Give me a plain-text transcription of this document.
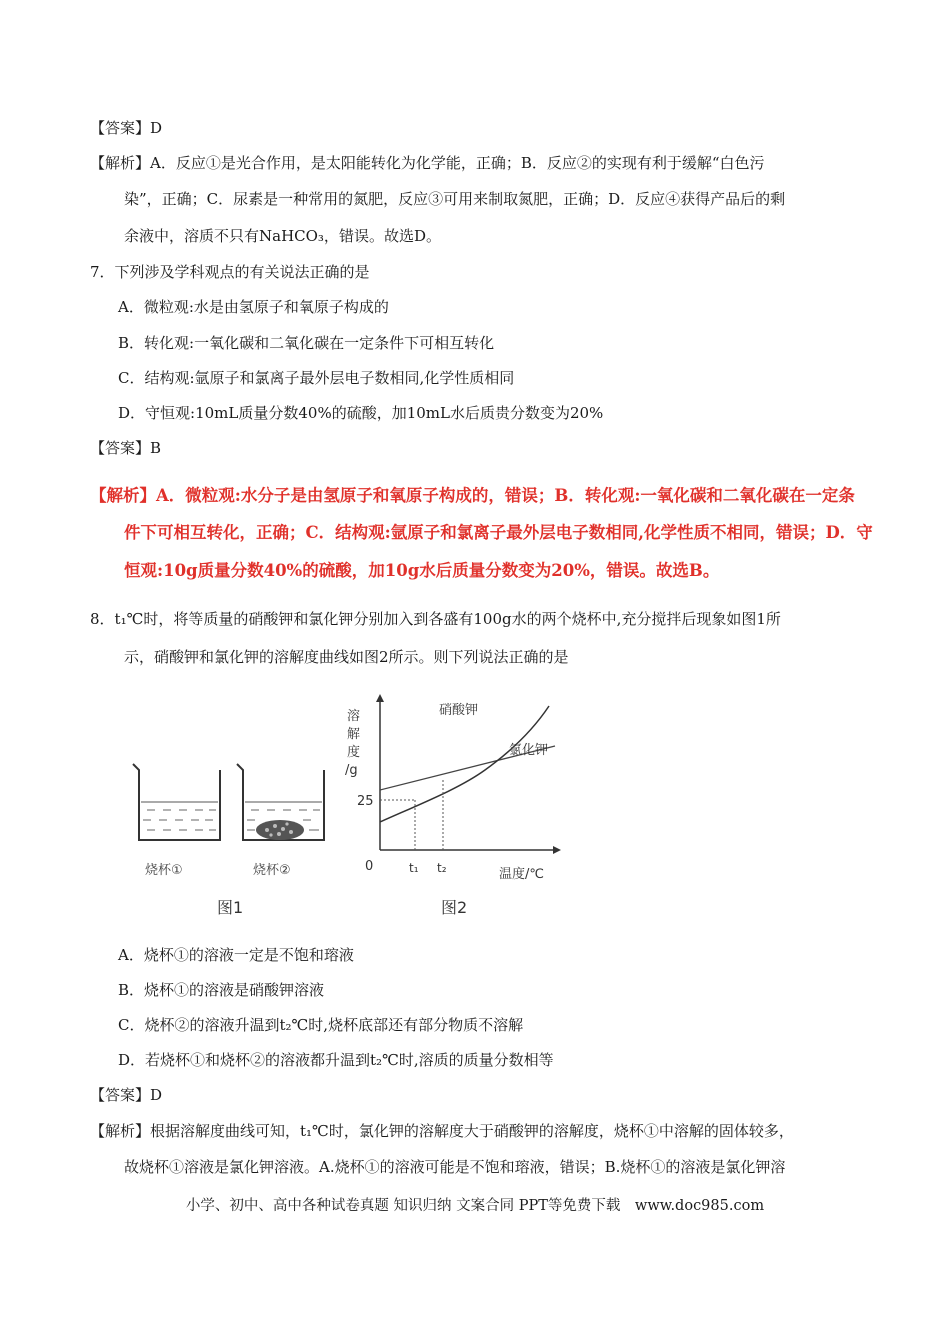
【答案】D
【解析】A．反应①是光合作用，是太阳能转化为化学能，正确；B．反应②的实现有利于缓解“白色污
染”，正确；C．尿素是一种常用的氮肥，反应③可用来制取氮肥，正确；D．反应④获得产品后的剩
余液中，溶质不只有NaHCO₃，错误。故选D。
7．下列涉及学科观点的有关说法正确的是
A．微粒观:水是由氢原子和氧原子构成的
B．转化观:一氧化碳和二氧化碳在一定条件下可相互转化
C．结构观:氩原子和氯离子最外层电子数相同,化学性质相同
D．守恒观:10mL质量分数40%的硫酸，加10mL水后质贵分数变为20%
【答案】B
【解析】A．微粒观:水分子是由氢原子和氧原子构成的，错误；B．转化观:一氧化碳和二氧化碳在一定条
件下可相互转化，正确；C．结构观:氩原子和氯离子最外层电子数相同,化学性质不相同，错误；D．守
恒观:10g质量分数40%的硫酸，加10g水后质量分数变为20%，错误。故选B。
8．t₁℃时，将等质量的硝酸钾和氯化钾分别加入到各盛有100g水的两个烧杯中,充分搅拌后现象如图1所
示，硝酸钾和氯化钾的溶解度曲线如图2所示。则下列说法正确的是
烧杯①	烧杯②
图1
溶
解
度
/g
25
0	t₁ t₂	温度/℃
硝酸钾
氯化钾
图2
A．烧杯①的溶液一定是不饱和瑢液
B．烧杯①的溶液是硝酸钾溶液
C．烧杯②的溶液升温到t₂℃时,烧杯底部还有部分物质不溶解
D．若烧杯①和烧杯②的溶液都升温到t₂℃时,溶质的质量分数相等
【答案】D
【解析】根据溶解度曲线可知，t₁℃时，氯化钾的溶解度大于硝酸钾的溶解度，烧杯①中溶解的固体较多，
故烧杯①溶液是氯化钾溶液。A.烧杯①的溶液可能是不饱和瑢液，错误；B.烧杯①的溶液是氯化钾溶
小学、初中、高中各种试卷真题 知识归纳 文案合同 PPT等免费下载　www.doc985.com
